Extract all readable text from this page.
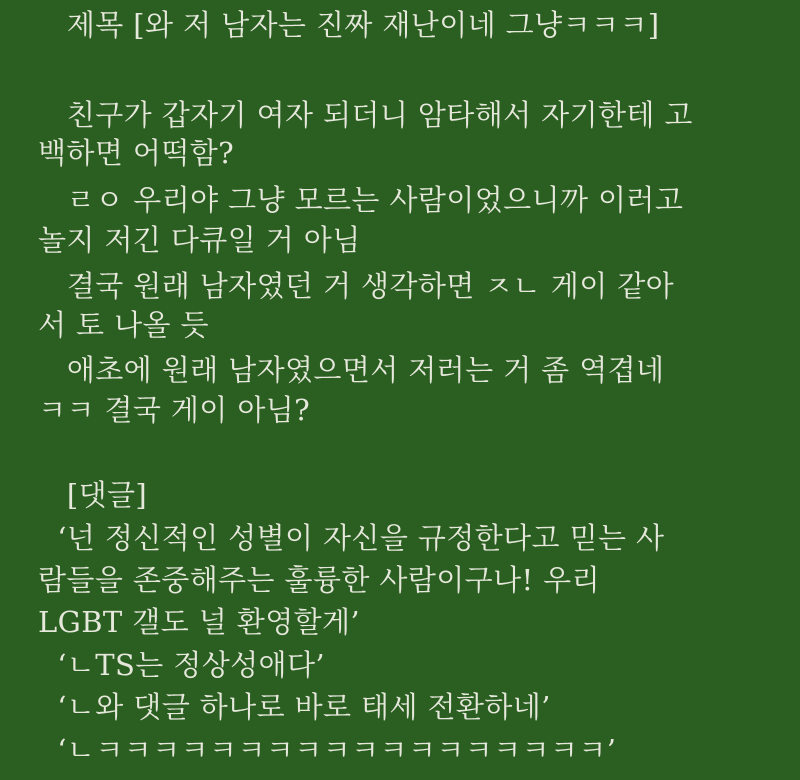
제목 [와 저 남자는 진짜 재난이네 그냥ㅋㅋㅋ]
친구가 갑자기 여자 되더니 암타해서 자기한테 고
백하면 어떡함?
ㄹㅇ 우리야 그냥 모르는 사람이었으니까 이러고
놀지 저긴 다큐일 거 아님
결국 원래 남자였던 거 생각하면 ㅈㄴ 게이 같아
서 토 나올 듯
애초에 원래 남자였으면서 저러는 거 좀 역겹네
ㅋㅋ 결국 게이 아님?
[댓글]
‘넌 정신적인 성별이 자신을 규정한다고 믿는 사
람들을 존중해주는 훌륭한 사람이구나! 우리
LGBT 갤도 널 환영할게’
‘ㄴTS는 정상성애다’
‘ㄴ와 댓글 하나로 바로 태세 전환하네’
‘ㄴㅋㅋㅋㅋㅋㅋㅋㅋㅋㅋㅋㅋㅋㅋㅋㅋㅋㅋ’
